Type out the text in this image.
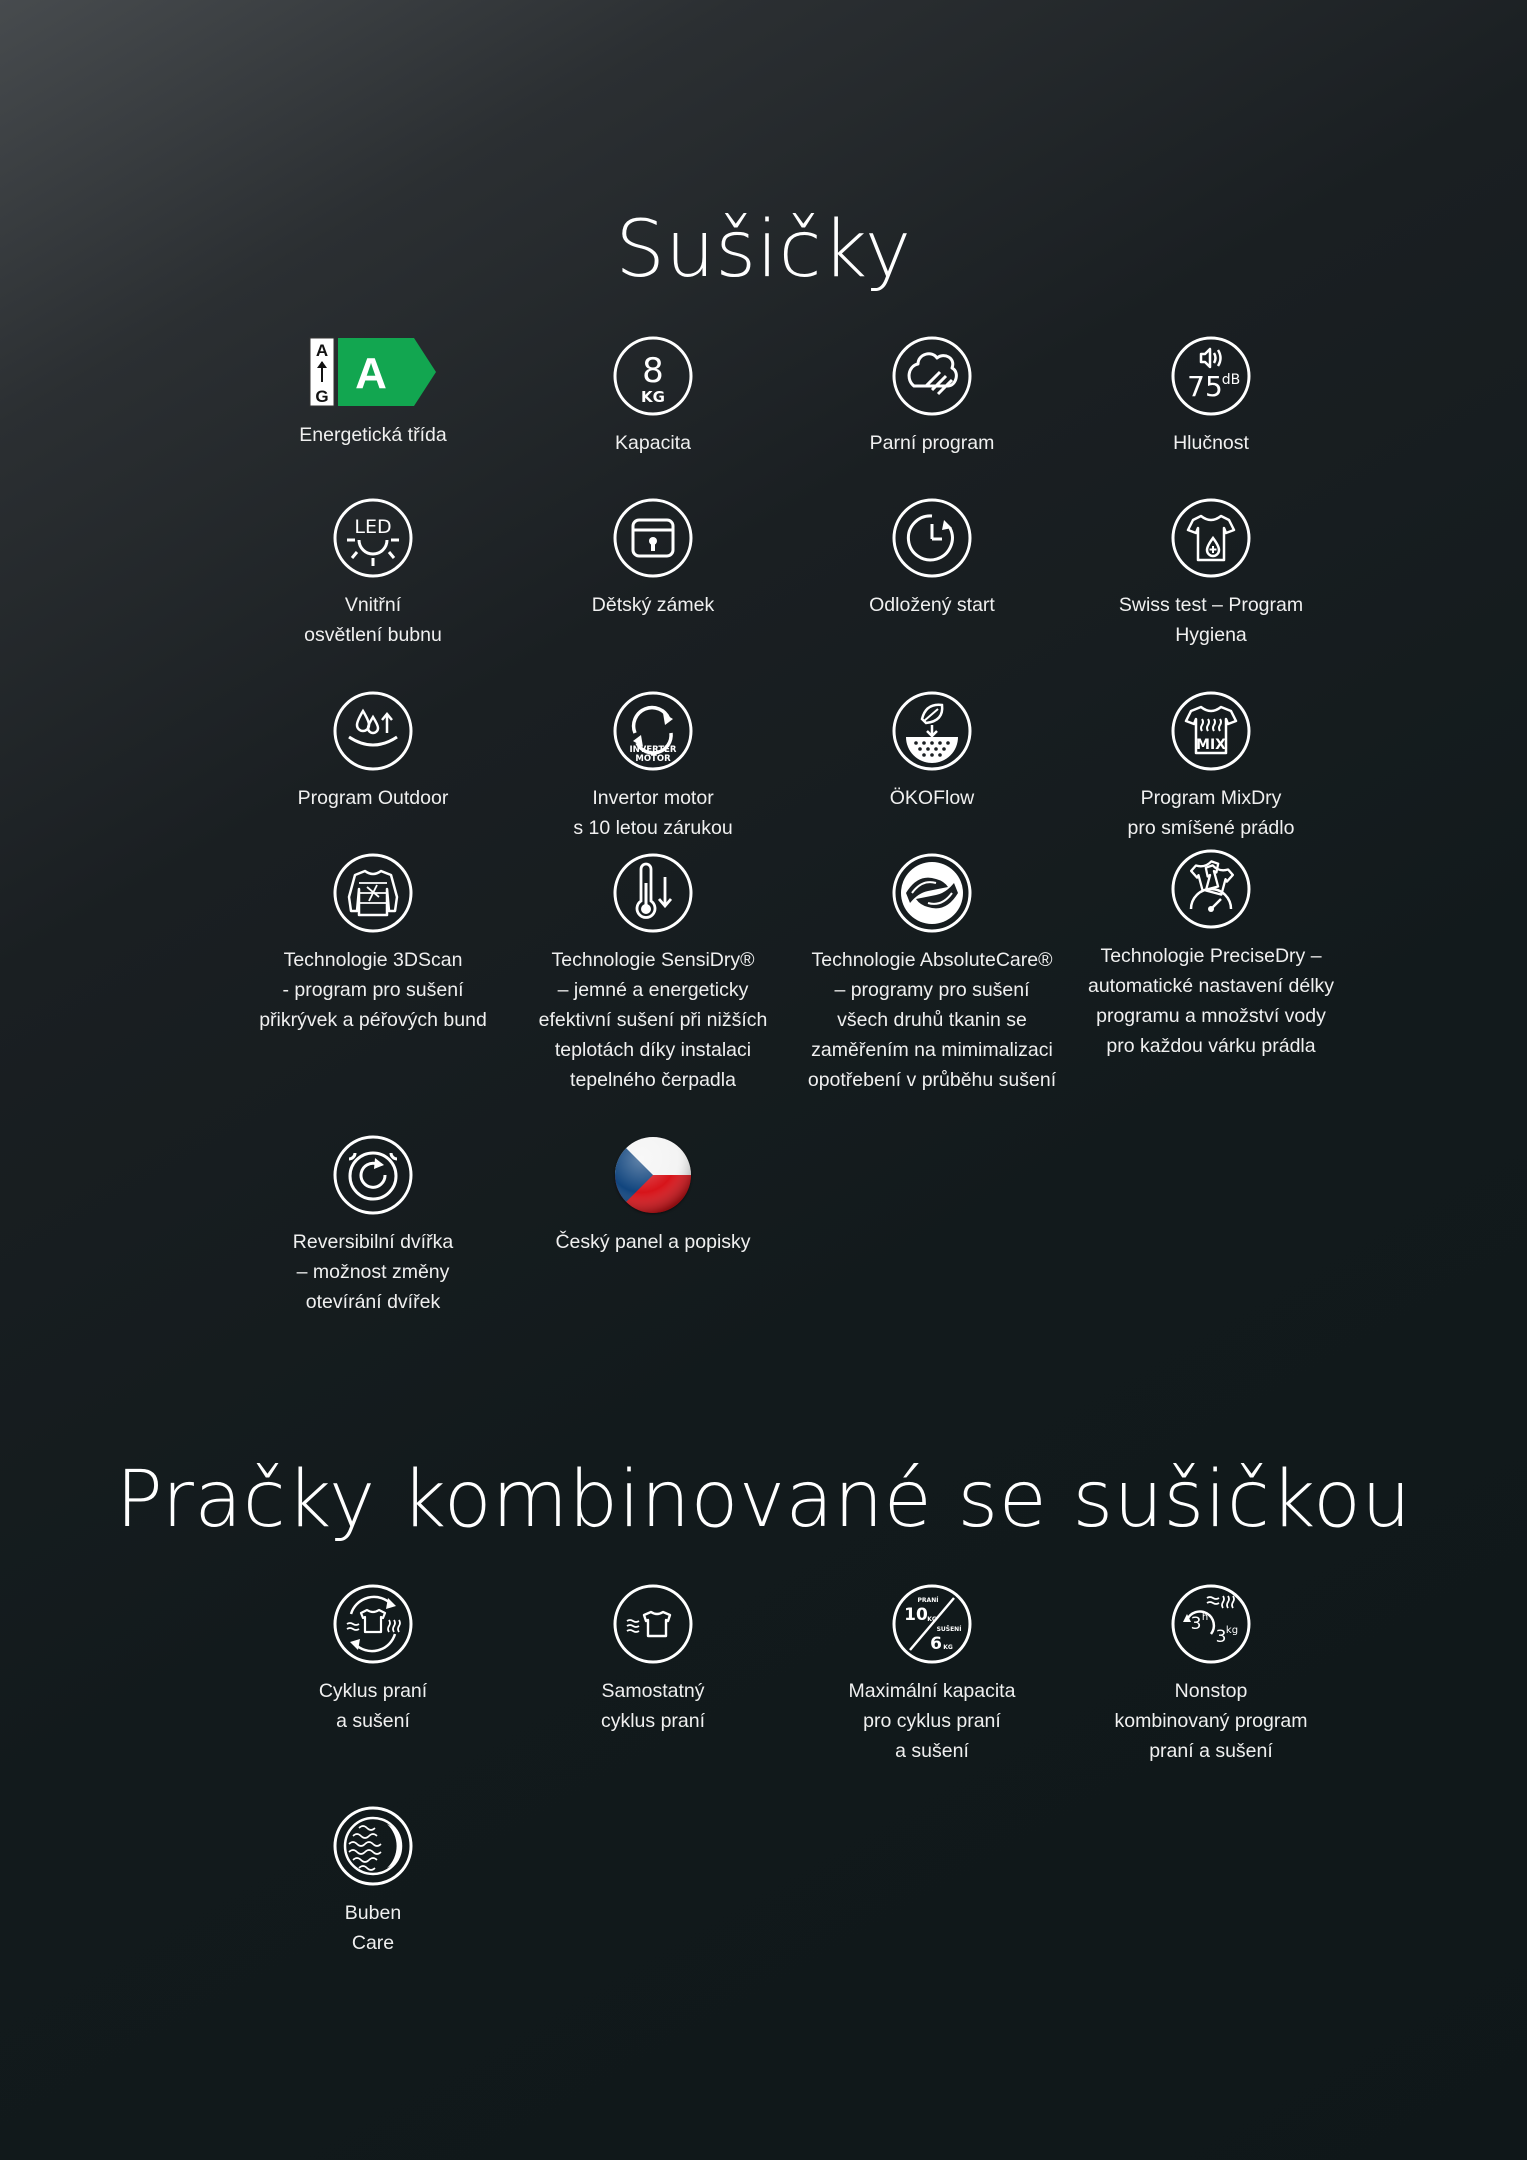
Sušičky
A
G A
Energetická třída
8
KG
Kapacita	Parní program
75
dB
Hlučnost
LED
Vnitřní
osvětlení bubnu
Dětský zámek	Odložený start	Swiss test – Program
Hygiena
Program Outdoor
INVERTER
MOTOR
Invertor motor
s 10 letou zárukou
ÖKOFlow
MIX
Program MixDry
pro smíšené prádlo
Technologie 3DScan
- program pro sušení
přikrývek a péřových bund
Technologie SensiDry®
– jemné a energeticky
efektivní sušení při nižších
teplotách díky instalaci
tepelného čerpadla
Technologie AbsoluteCare®
– programy pro sušení
všech druhů tkanin se
zaměřením na mimimalizaci
opotřebení v průběhu sušení
Technologie PreciseDry –
automatické nastavení délky
programu a množství vody
pro každou várku prádla
Reversibilní dvířka
– možnost změny
otevírání dvířek
Český panel a popisky
Pračky kombinované se sušičkou
Cyklus praní
a sušení
Samostatný
cyklus praní
PRANÍ
10 KG
SUŠENÍ
6 KG
Maximální kapacita
pro cyklus praní
a sušení
3 h
3 kg
Nonstop
kombinovaný program
praní a sušení
Buben
Care
